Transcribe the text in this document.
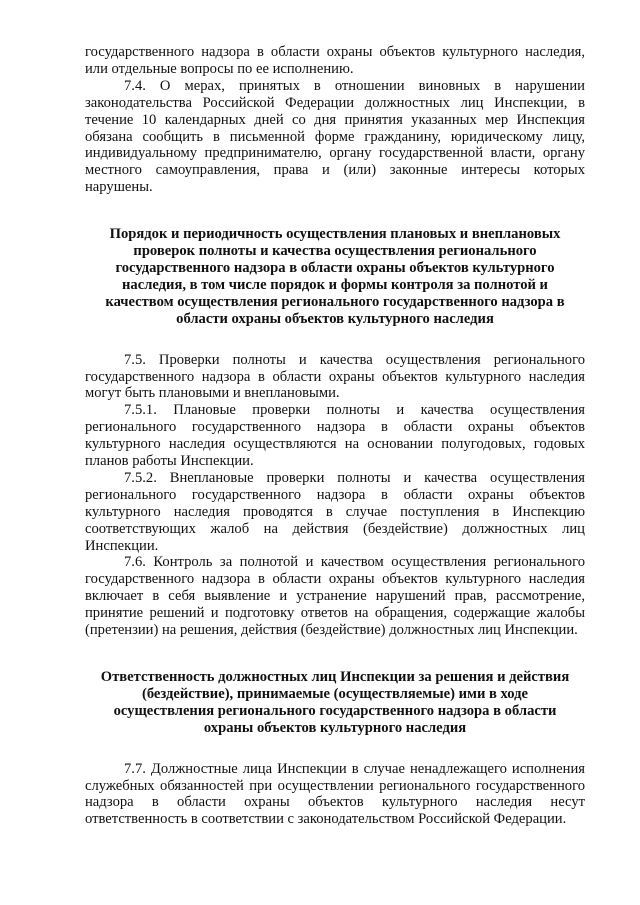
государственного надзора в области охраны объектов культурного наследия, или отдельные вопросы по ее исполнению.

7.4. О мерах, принятых в отношении виновных в нарушении законодательства Российской Федерации должностных лиц Инспекции, в течение 10 календарных дней со дня принятия указанных мер Инспекция обязана сообщить в письменной форме гражданину, юридическому лицу, индивидуальному предпринимателю, органу государственной власти, органу местного самоуправления, права и (или) законные интересы которых нарушены.

Порядок и периодичность осуществления плановых и внеплановых проверок полноты и качества осуществления регионального государственного надзора в области охраны объектов культурного наследия, в том числе порядок и формы контроля за полнотой и качеством осуществления регионального государственного надзора в области охраны объектов культурного наследия

7.5. Проверки полноты и качества осуществления регионального государственного надзора в области охраны объектов культурного наследия могут быть плановыми и внеплановыми.

7.5.1. Плановые проверки полноты и качества осуществления регионального государственного надзора в области охраны объектов культурного наследия осуществляются на основании полугодовых, годовых планов работы Инспекции.

7.5.2. Внеплановые проверки полноты и качества осуществления регионального государственного надзора в области охраны объектов культурного наследия проводятся в случае поступления в Инспекцию соответствующих жалоб на действия (бездействие) должностных лиц Инспекции.

7.6. Контроль за полнотой и качеством осуществления регионального государственного надзора в области охраны объектов культурного наследия включает в себя выявление и устранение нарушений прав, рассмотрение, принятие решений и подготовку ответов на обращения, содержащие жалобы (претензии) на решения, действия (бездействие) должностных лиц Инспекции.

Ответственность должностных лиц Инспекции за решения и действия (бездействие), принимаемые (осуществляемые) ими в ходе осуществления регионального государственного надзора в области охраны объектов культурного наследия

7.7. Должностные лица Инспекции в случае ненадлежащего исполнения служебных обязанностей при осуществлении регионального государственного надзора в области охраны объектов культурного наследия несут ответственность в соответствии с законодательством Российской Федерации.
